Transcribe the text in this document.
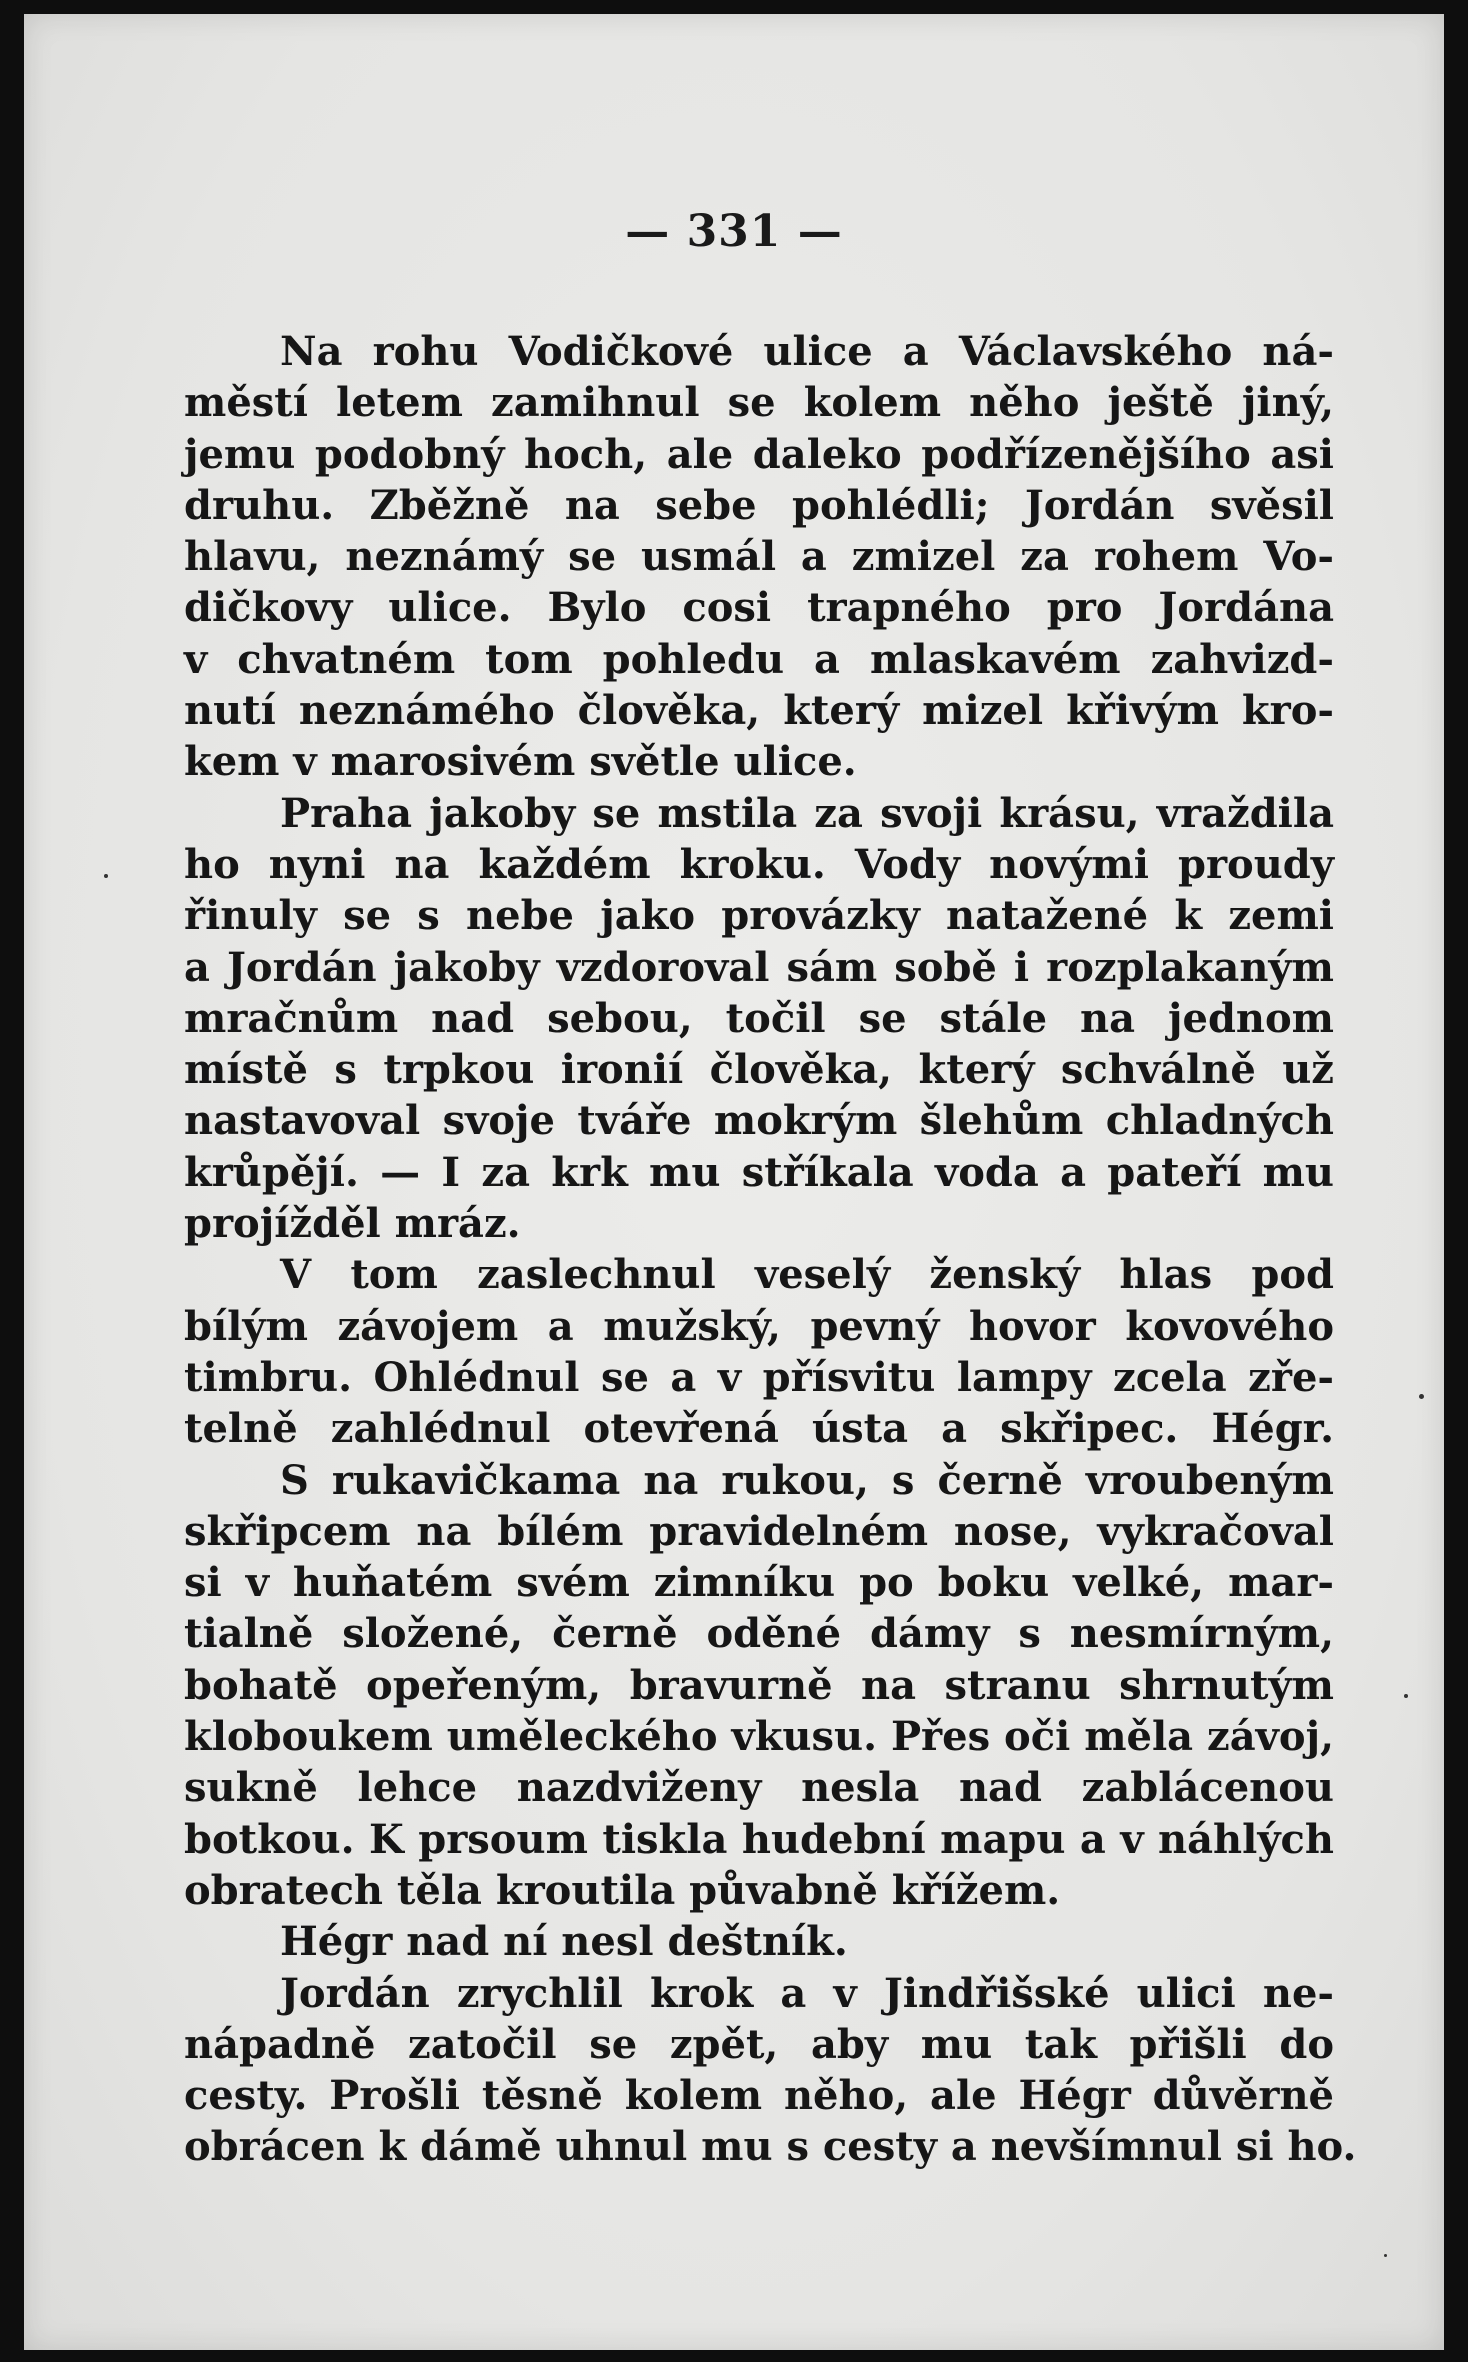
— 331 —
Na rohu Vodičkové ulice a Václavského ná-
městí letem zamihnul se kolem něho ještě jiný,
jemu podobný hoch, ale daleko podřízenějšího asi
druhu. Zběžně na sebe pohlédli; Jordán svěsil
hlavu, neznámý se usmál a zmizel za rohem Vo-
dičkovy ulice. Bylo cosi trapného pro Jordána
v chvatném tom pohledu a mlaskavém zahvizd-
nutí neznámého člověka, který mizel křivým kro-
kem v marosivém světle ulice.
Praha jakoby se mstila za svoji krásu, vraždila
ho nyni na každém kroku. Vody novými proudy
řinuly se s nebe jako provázky natažené k zemi
a Jordán jakoby vzdoroval sám sobě i rozplakaným
mračnům nad sebou, točil se stále na jednom
místě s trpkou ironií člověka, který schválně už
nastavoval svoje tváře mokrým šlehům chladných
krůpějí. — I za krk mu stříkala voda a pateří mu
projížděl mráz.
V tom zaslechnul veselý ženský hlas pod
bílým závojem a mužský, pevný hovor kovového
timbru. Ohlédnul se a v přísvitu lampy zcela zře-
telně zahlédnul otevřená ústa a skřipec. Hégr.
S rukavičkama na rukou, s černě vroubeným
skřipcem na bílém pravidelném nose, vykračoval
si v huňatém svém zimníku po boku velké, mar-
tialně složené, černě oděné dámy s nesmírným,
bohatě opeřeným, bravurně na stranu shrnutým
kloboukem uměleckého vkusu. Přes oči měla závoj,
sukně lehce nazdviženy nesla nad zablácenou
botkou. K prsoum tiskla hudební mapu a v náhlých
obratech těla kroutila půvabně křížem.
Hégr nad ní nesl deštník.
Jordán zrychlil krok a v Jindřišské ulici ne-
nápadně zatočil se zpět, aby mu tak přišli do
cesty. Prošli těsně kolem něho, ale Hégr důvěrně
obrácen k dámě uhnul mu s cesty a nevšímnul si ho.
